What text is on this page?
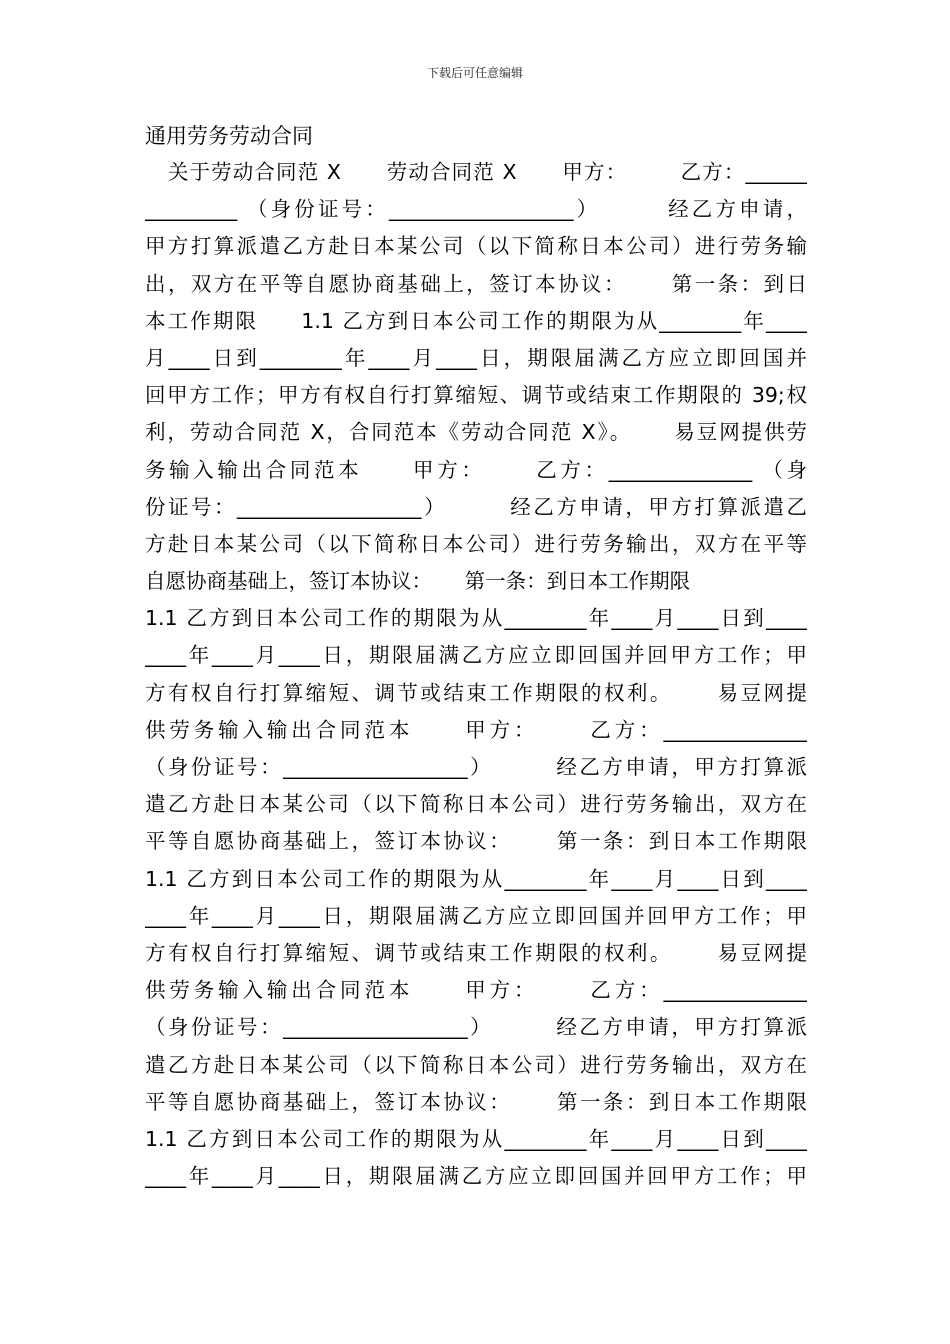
下载后可任意编辑
通用劳务劳动合同
关于劳动合同范 X      劳动合同范 X      甲方：       乙方：______
_________ （身份证号：__________________）       经乙方申请，
甲方打算派遣乙方赴日本某公司（以下简称日本公司）进行劳务输
出，双方在平等自愿协商基础上，签订本协议：     第一条：到日
本工作期限     1.1 乙方到日本公司工作的期限为从________年____
月____日到________年____月____日，期限届满乙方应立即回国并
回甲方工作；甲方有权自行打算缩短、调节或结束工作期限的 39;权
利，劳动合同范 X，合同范本《劳动合同范 X》。     易豆网提供劳
务输入输出合同范本     甲方：     乙方：______________ （身
份证号：__________________）       经乙方申请，甲方打算派遣乙
方赴日本某公司（以下简称日本公司）进行劳务输出，双方在平等
自愿协商基础上，签订本协议：     第一条：到日本工作期限
1.1 乙方到日本公司工作的期限为从________年____月____日到____
____年____月____日，期限届满乙方应立即回国并回甲方工作；甲
方有权自行打算缩短、调节或结束工作期限的权利。     易豆网提
供劳务输入输出合同范本     甲方：     乙方：______________
（身份证号：__________________）       经乙方申请，甲方打算派
遣乙方赴日本某公司（以下简称日本公司）进行劳务输出，双方在
平等自愿协商基础上，签订本协议：     第一条：到日本工作期限
1.1 乙方到日本公司工作的期限为从________年____月____日到____
____年____月____日，期限届满乙方应立即回国并回甲方工作；甲
方有权自行打算缩短、调节或结束工作期限的权利。     易豆网提
供劳务输入输出合同范本     甲方：     乙方：______________
（身份证号：__________________）       经乙方申请，甲方打算派
遣乙方赴日本某公司（以下简称日本公司）进行劳务输出，双方在
平等自愿协商基础上，签订本协议：     第一条：到日本工作期限
1.1 乙方到日本公司工作的期限为从________年____月____日到____
____年____月____日，期限届满乙方应立即回国并回甲方工作；甲
